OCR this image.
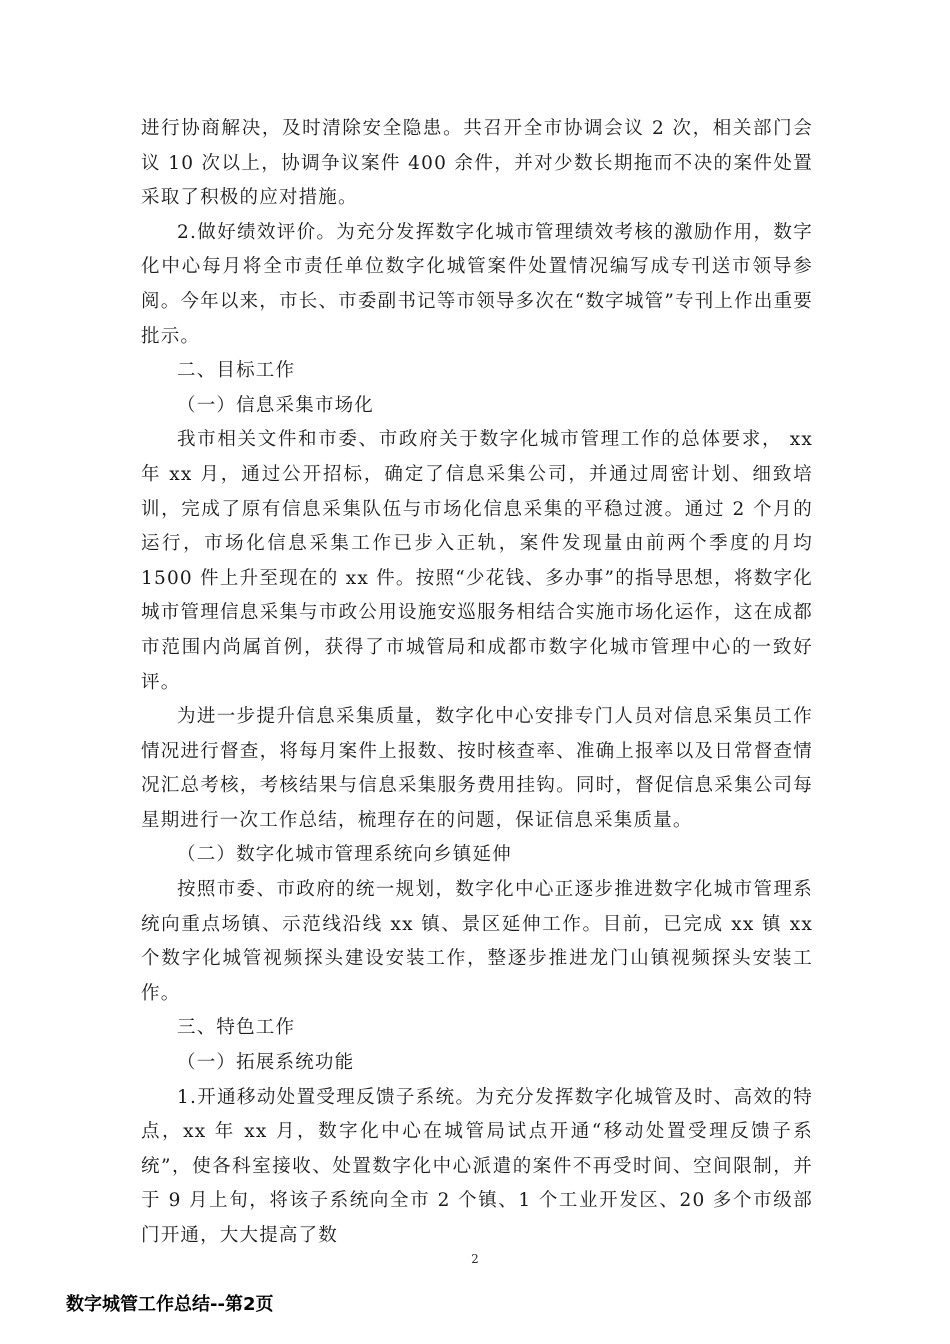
进行协商解决，及时清除安全隐患。共召开全市协调会议 2 次，相关部门会议 10 次以上，协调争议案件 400 余件，并对少数长期拖而不决的案件处置采取了积极的应对措施。

2.做好绩效评价。为充分发挥数字化城市管理绩效考核的激励作用，数字化中心每月将全市责任单位数字化城管案件处置情况编写成专刊送市领导参阅。今年以来，市长、市委副书记等市领导多次在“数字城管”专刊上作出重要批示。

二、目标工作

（一）信息采集市场化

我市相关文件和市委、市政府关于数字化城市管理工作的总体要求， xx 年 xx 月，通过公开招标，确定了信息采集公司，并通过周密计划、细致培训，完成了原有信息采集队伍与市场化信息采集的平稳过渡。通过 2 个月的运行，市场化信息采集工作已步入正轨，案件发现量由前两个季度的月均 1500 件上升至现在的 xx 件。按照“少花钱、多办事”的指导思想，将数字化城市管理信息采集与市政公用设施安巡服务相结合实施市场化运作，这在成都市范围内尚属首例，获得了市城管局和成都市数字化城市管理中心的一致好评。

为进一步提升信息采集质量，数字化中心安排专门人员对信息采集员工作情况进行督查，将每月案件上报数、按时核查率、准确上报率以及日常督查情况汇总考核，考核结果与信息采集服务费用挂钩。同时，督促信息采集公司每星期进行一次工作总结，梳理存在的问题，保证信息采集质量。

（二）数字化城市管理系统向乡镇延伸

按照市委、市政府的统一规划，数字化中心正逐步推进数字化城市管理系统向重点场镇、示范线沿线 xx 镇、景区延伸工作。目前，已完成 xx 镇 xx 个数字化城管视频探头建设安装工作，整逐步推进龙门山镇视频探头安装工作。

三、特色工作

（一）拓展系统功能

1.开通移动处置受理反馈子系统。为充分发挥数字化城管及时、高效的特点，xx 年 xx 月，数字化中心在城管局试点开通“移动处置受理反馈子系统”，使各科室接收、处置数字化中心派遣的案件不再受时间、空间限制，并于 9 月上旬，将该子系统向全市 2 个镇、1 个工业开发区、20 多个市级部门开通，大大提高了数

2
数字城管工作总结--第2页
